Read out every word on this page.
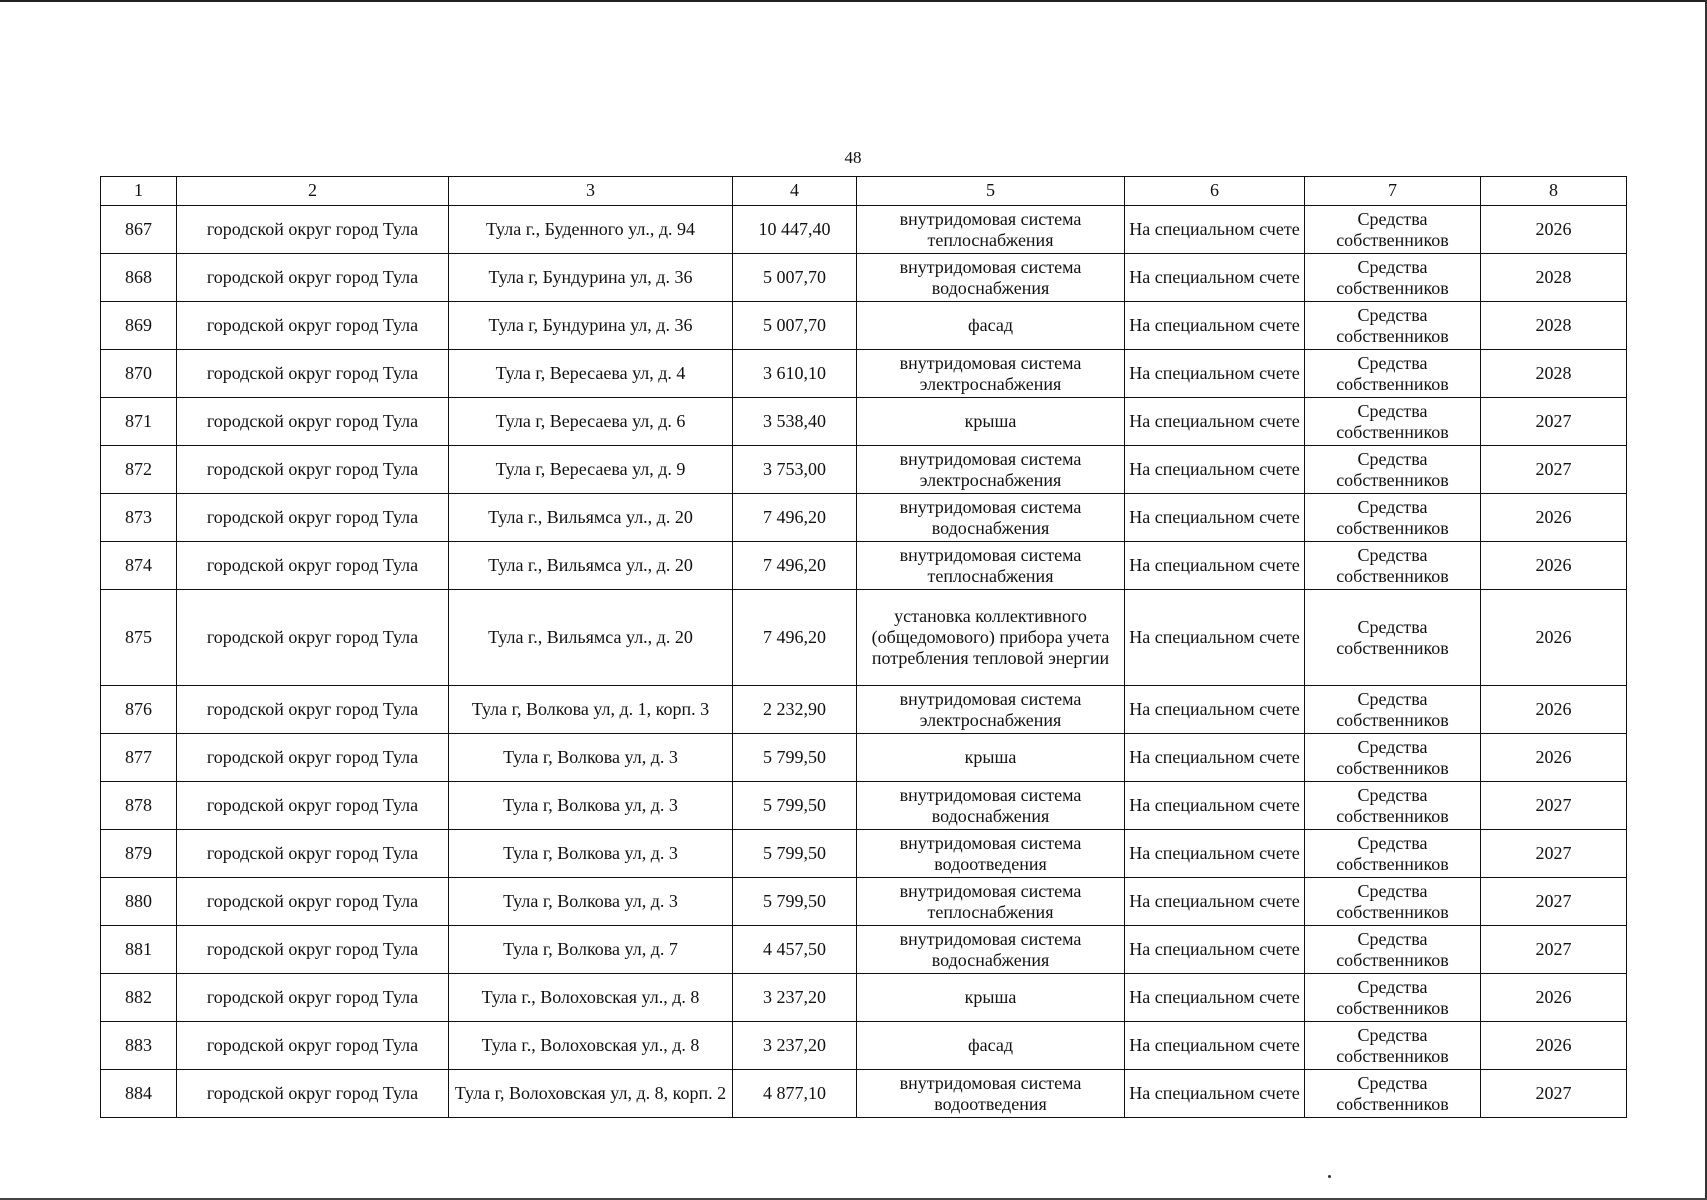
48
1	2	3	4	5	6	7	8
867	городской округ город Тула	Тула г., Буденного ул., д. 94	10 447,40	внутридомовая система теплоснабжения	На специальном счете	Средства собственников	2026
868	городской округ город Тула	Тула г, Бундурина ул, д. 36	5 007,70	внутридомовая система водоснабжения	На специальном счете	Средства собственников	2028
869	городской округ город Тула	Тула г, Бундурина ул, д. 36	5 007,70	фасад	На специальном счете	Средства собственников	2028
870	городской округ город Тула	Тула г, Вересаева ул, д. 4	3 610,10	внутридомовая система электроснабжения	На специальном счете	Средства собственников	2028
871	городской округ город Тула	Тула г, Вересаева ул, д. 6	3 538,40	крыша	На специальном счете	Средства собственников	2027
872	городской округ город Тула	Тула г, Вересаева ул, д. 9	3 753,00	внутридомовая система электроснабжения	На специальном счете	Средства собственников	2027
873	городской округ город Тула	Тула г., Вильямса ул., д. 20	7 496,20	внутридомовая система водоснабжения	На специальном счете	Средства собственников	2026
874	городской округ город Тула	Тула г., Вильямса ул., д. 20	7 496,20	внутридомовая система теплоснабжения	На специальном счете	Средства собственников	2026
875	городской округ город Тула	Тула г., Вильямса ул., д. 20	7 496,20	установка коллективного (общедомового) прибора учета потребления тепловой энергии	На специальном счете	Средства собственников	2026
876	городской округ город Тула	Тула г, Волкова ул, д. 1, корп. 3	2 232,90	внутридомовая система электроснабжения	На специальном счете	Средства собственников	2026
877	городской округ город Тула	Тула г, Волкова ул, д. 3	5 799,50	крыша	На специальном счете	Средства собственников	2026
878	городской округ город Тула	Тула г, Волкова ул, д. 3	5 799,50	внутридомовая система водоснабжения	На специальном счете	Средства собственников	2027
879	городской округ город Тула	Тула г, Волкова ул, д. 3	5 799,50	внутридомовая система водоотведения	На специальном счете	Средства собственников	2027
880	городской округ город Тула	Тула г, Волкова ул, д. 3	5 799,50	внутридомовая система теплоснабжения	На специальном счете	Средства собственников	2027
881	городской округ город Тула	Тула г, Волкова ул, д. 7	4 457,50	внутридомовая система водоснабжения	На специальном счете	Средства собственников	2027
882	городской округ город Тула	Тула г., Волоховская ул., д. 8	3 237,20	крыша	На специальном счете	Средства собственников	2026
883	городской округ город Тула	Тула г., Волоховская ул., д. 8	3 237,20	фасад	На специальном счете	Средства собственников	2026
884	городской округ город Тула	Тула г, Волоховская ул, д. 8, корп. 2	4 877,10	внутридомовая система водоотведения	На специальном счете	Средства собственников	2027
